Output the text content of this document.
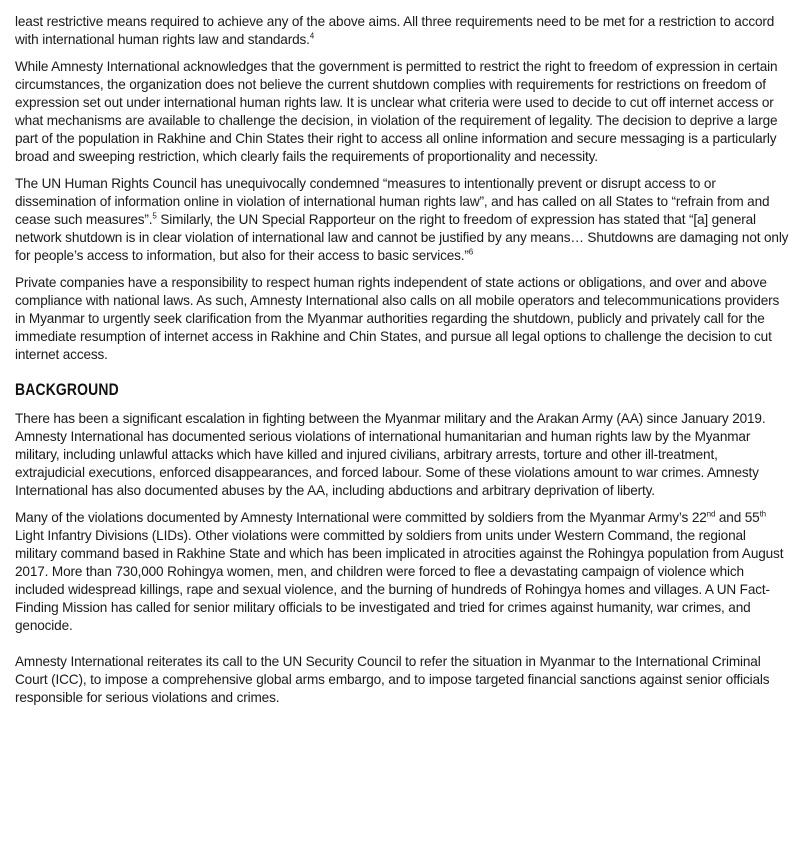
least restrictive means required to achieve any of the above aims. All three requirements need to be met for a restriction to accord with international human rights law and standards.$^4$

While Amnesty International acknowledges that the government is permitted to restrict the right to freedom of expression in certain circumstances, the organization does not believe the current shutdown complies with requirements for restrictions on freedom of expression set out under international human rights law. It is unclear what criteria were used to decide to cut off internet access or what mechanisms are available to challenge the decision, in violation of the requirement of legality. The decision to deprive a large part of the population in Rakhine and Chin States their right to access all online information and secure messaging is a particularly broad and sweeping restriction, which clearly fails the requirements of proportionality and necessity.

The UN Human Rights Council has unequivocally condemned “measures to intentionally prevent or disrupt access to or dissemination of information online in violation of international human rights law”, and has called on all States to “refrain from and cease such measures”.$^5$ Similarly, the UN Special Rapporteur on the right to freedom of expression has stated that “[a] general network shutdown is in clear violation of international law and cannot be justified by any means… Shutdowns are damaging not only for people’s access to information, but also for their access to basic services.”$^6$

Private companies have a responsibility to respect human rights independent of state actions or obligations, and over and above compliance with national laws. As such, Amnesty International also calls on all mobile operators and telecommunications providers in Myanmar to urgently seek clarification from the Myanmar authorities regarding the shutdown, publicly and privately call for the immediate resumption of internet access in Rakhine and Chin States, and pursue all legal options to challenge the decision to cut internet access.

BACKGROUND

There has been a significant escalation in fighting between the Myanmar military and the Arakan Army (AA) since January 2019. Amnesty International has documented serious violations of international humanitarian and human rights law by the Myanmar military, including unlawful attacks which have killed and injured civilians, arbitrary arrests, torture and other ill-treatment, extrajudicial executions, enforced disappearances, and forced labour. Some of these violations amount to war crimes. Amnesty International has also documented abuses by the AA, including abductions and arbitrary deprivation of liberty.

Many of the violations documented by Amnesty International were committed by soldiers from the Myanmar Army’s 22nd and 55th Light Infantry Divisions (LIDs). Other violations were committed by soldiers from units under Western Command, the regional military command based in Rakhine State and which has been implicated in atrocities against the Rohingya population from August 2017. More than 730,000 Rohingya women, men, and children were forced to flee a devastating campaign of violence which included widespread killings, rape and sexual violence, and the burning of hundreds of Rohingya homes and villages. A UN Fact-Finding Mission has called for senior military officials to be investigated and tried for crimes against humanity, war crimes, and genocide.

Amnesty International reiterates its call to the UN Security Council to refer the situation in Myanmar to the International Criminal Court (ICC), to impose a comprehensive global arms embargo, and to impose targeted financial sanctions against senior officials responsible for serious violations and crimes.
